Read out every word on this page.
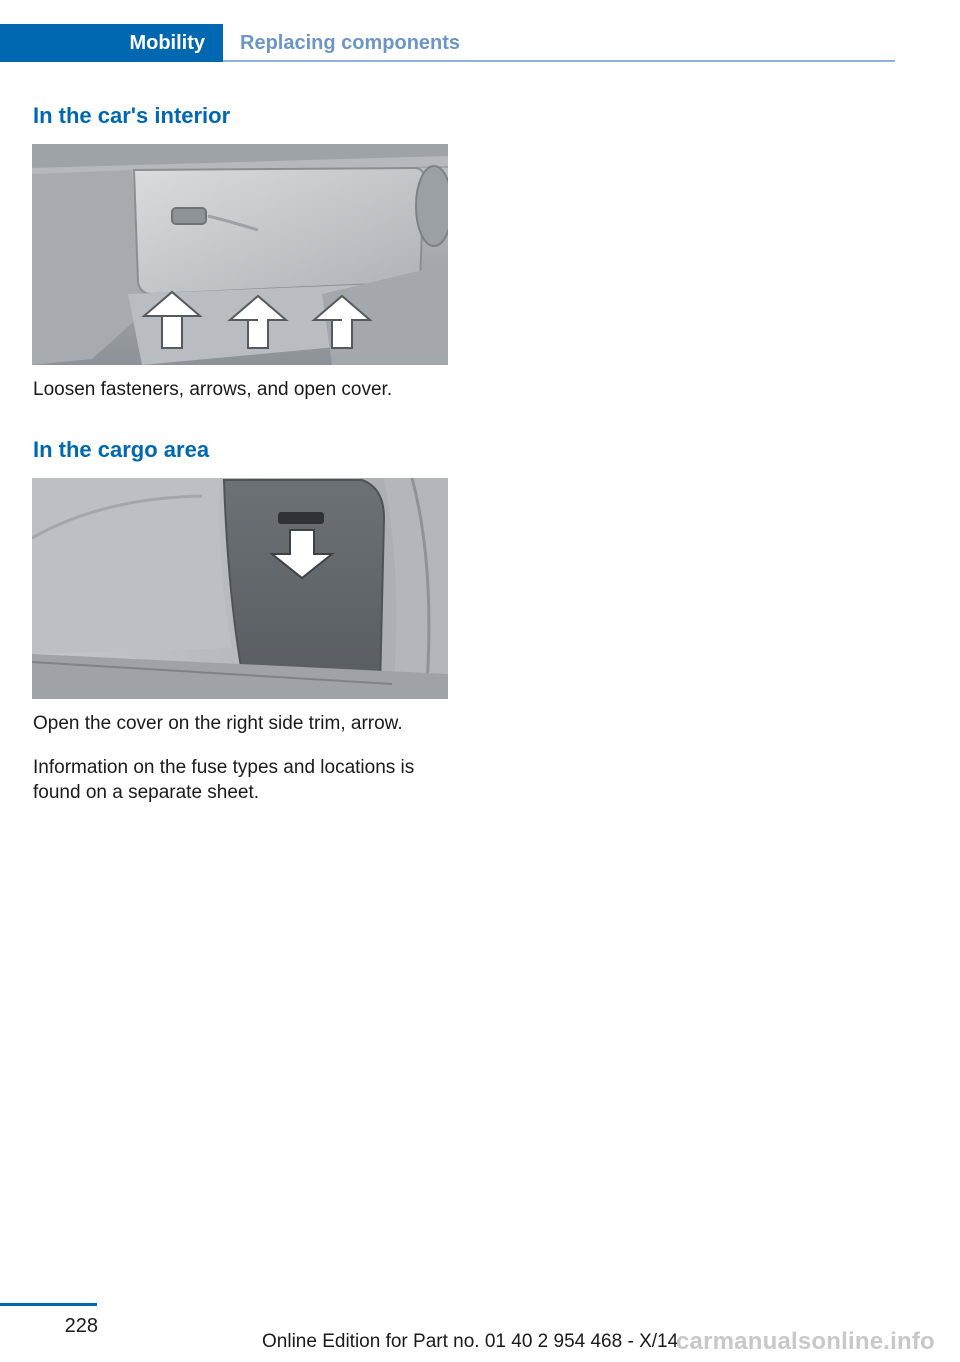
Mobility	Replacing components
In the car's interior

Loosen fasteners, arrows, and open cover.

In the cargo area

Open the cover on the right side trim, arrow.

Information on the fuse types and locations is found on a separate sheet.

228
Online Edition for Part no. 01 40 2 954 468 - X/14
carmanualsonline.info
